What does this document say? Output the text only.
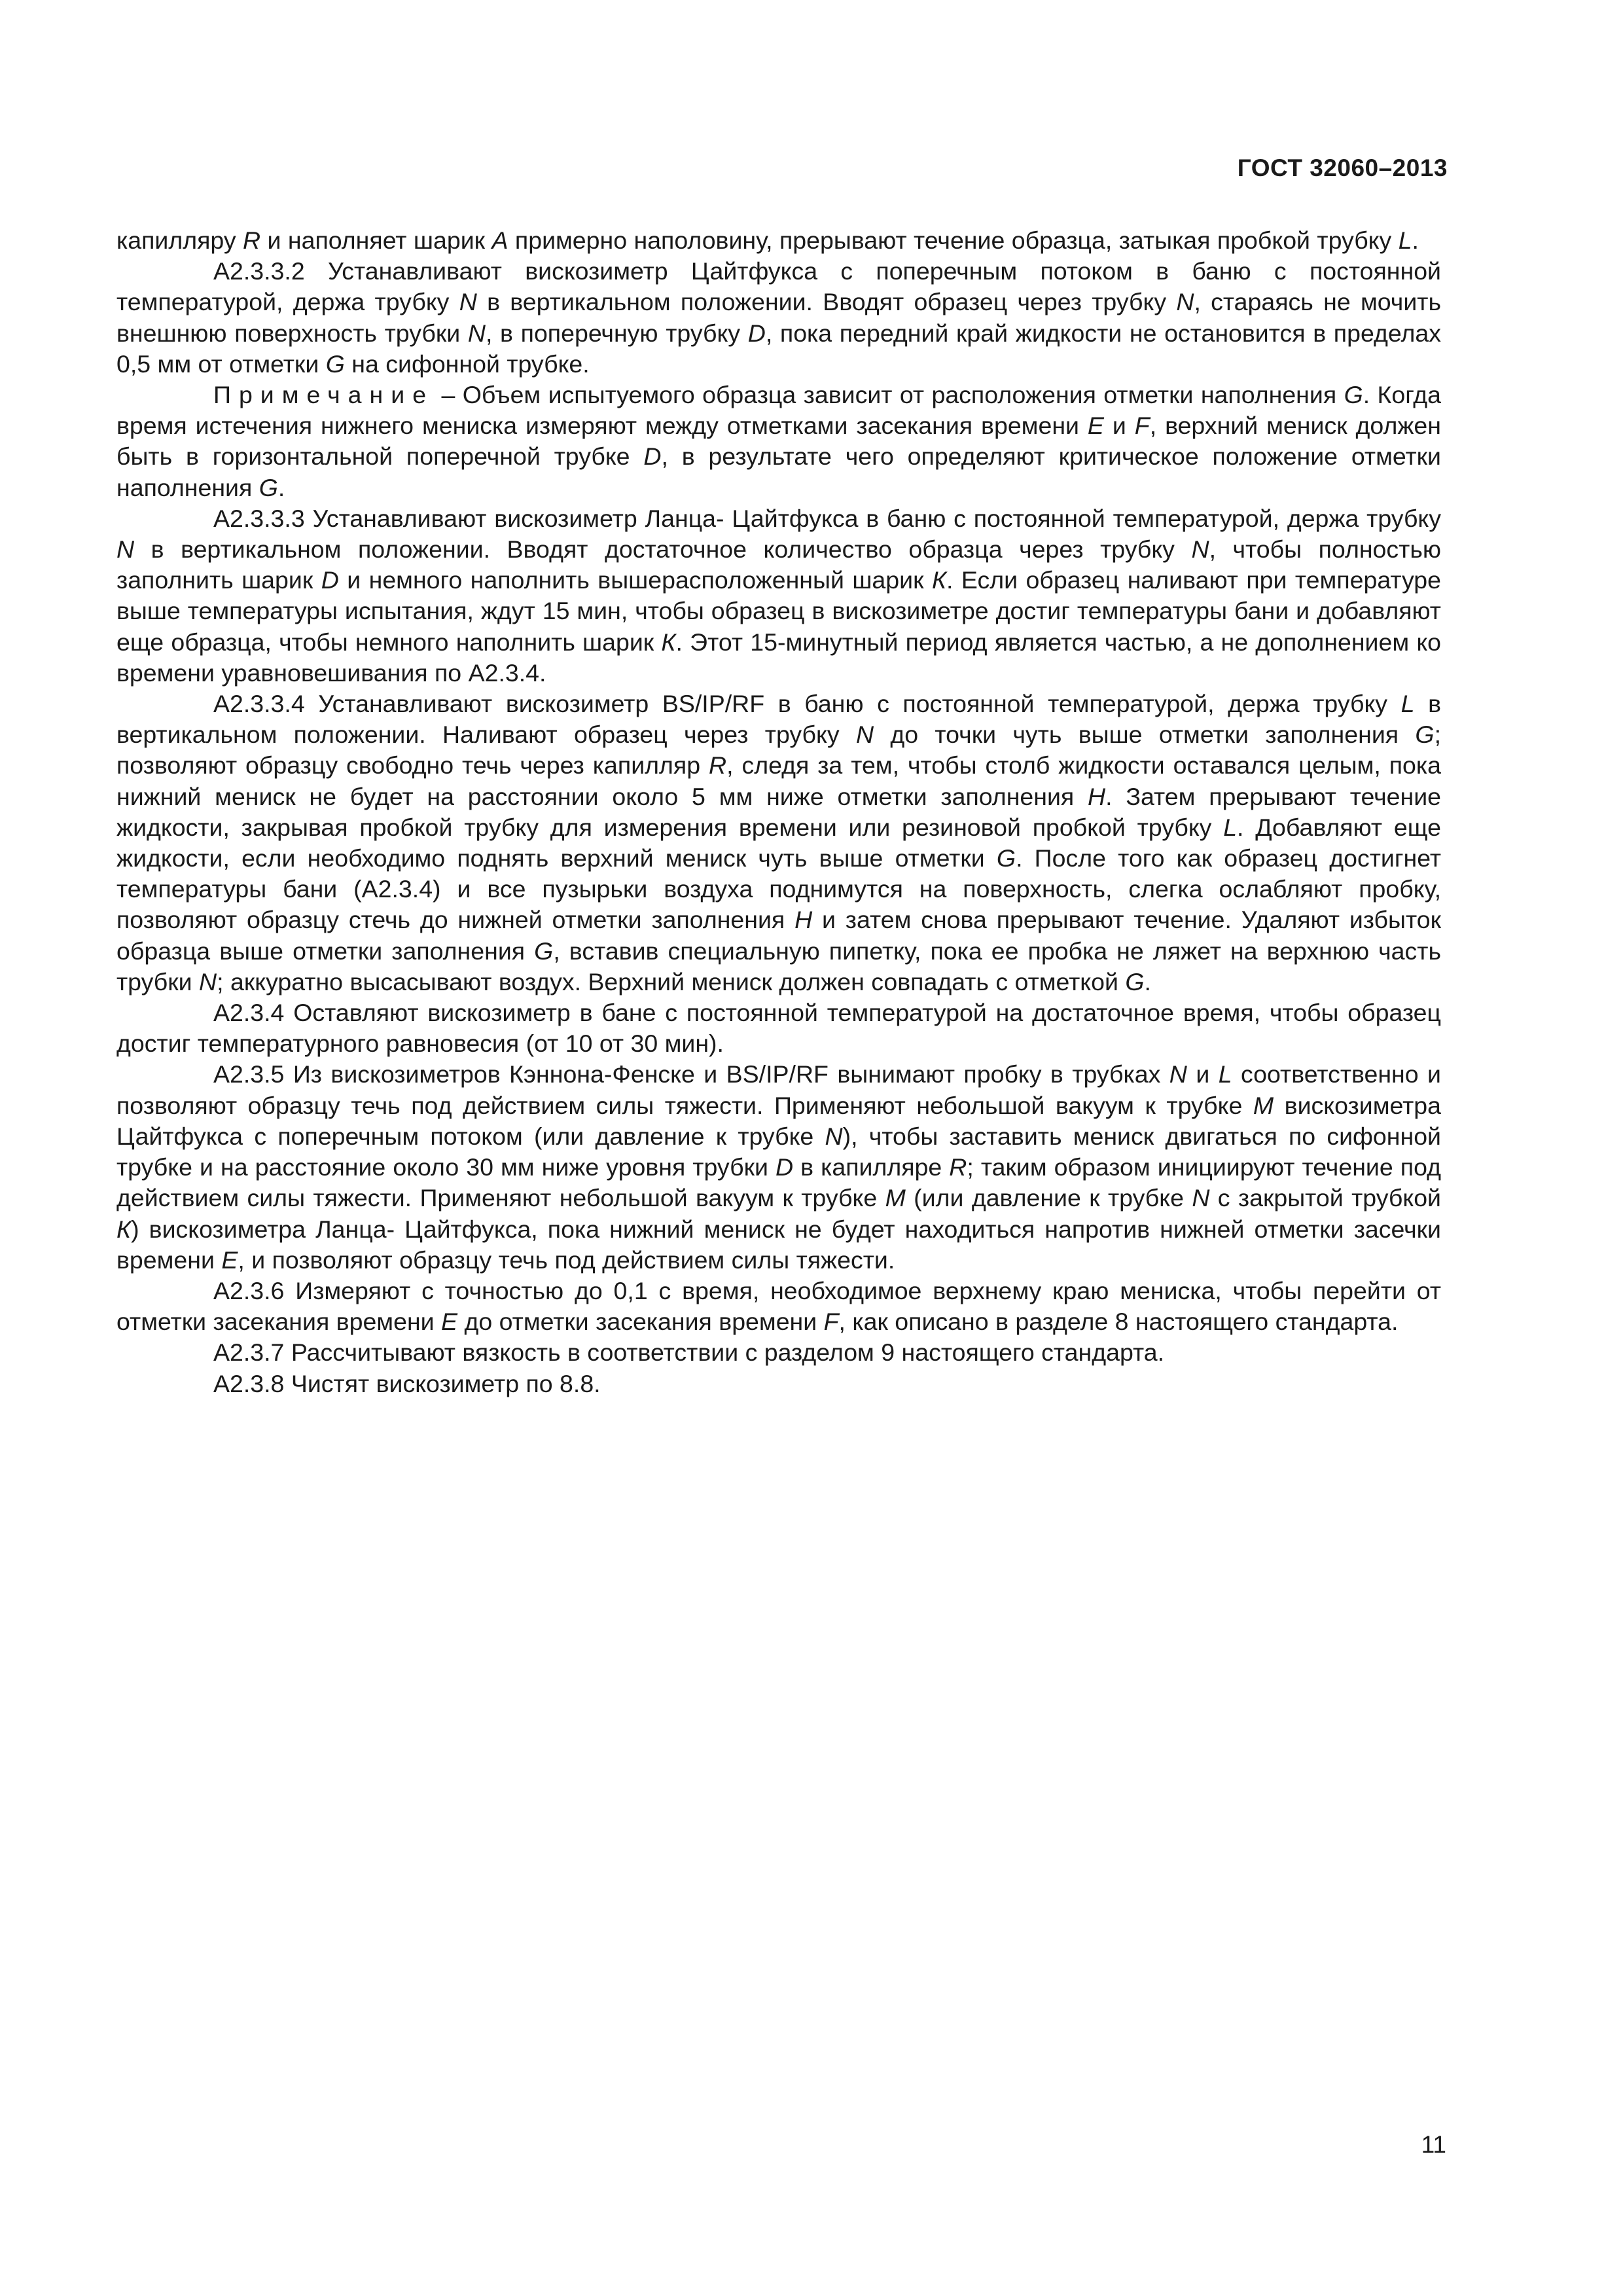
ГОСТ 32060–2013

капилляру R и наполняет шарик А примерно наполовину, прерывают течение образца, затыкая пробкой трубку L.

А2.3.3.2 Устанавливают вискозиметр Цайтфукса с поперечным потоком в баню с постоянной температурой, держа трубку N в вертикальном положении. Вводят образец через трубку N, стараясь не мочить внешнюю поверхность трубки N, в поперечную трубку D, пока передний край жидкости не остановится в пределах 0,5 мм от отметки G на сифонной трубке.

Примечание – Объем испытуемого образца зависит от расположения отметки наполнения G. Когда время истечения нижнего мениска измеряют между отметками засекания времени Е и F, верхний мениск должен быть в горизонтальной поперечной трубке D, в результате чего определяют критическое положение отметки наполнения G.

А2.3.3.3 Устанавливают вискозиметр Ланца- Цайтфукса в баню с постоянной температурой, держа трубку N в вертикальном положении. Вводят достаточное количество образца через трубку N, чтобы полностью заполнить шарик D и немного наполнить вышерасположенный шарик К. Если образец наливают при температуре выше температуры испытания, ждут 15 мин, чтобы образец в вискозиметре достиг температуры бани и добавляют еще образца, чтобы немного наполнить шарик К. Этот 15-минутный период является частью, а не дополнением ко времени уравновешивания по А2.3.4.

А2.3.3.4 Устанавливают вискозиметр BS/IP/RF в баню с постоянной температурой, держа трубку L в вертикальном положении. Наливают образец через трубку N до точки чуть выше отметки заполнения G; позволяют образцу свободно течь через капилляр R, следя за тем, чтобы столб жидкости оставался целым, пока нижний мениск не будет на расстоянии около 5 мм ниже отметки заполнения Н. Затем прерывают течение жидкости, закрывая пробкой трубку для измерения времени или резиновой пробкой трубку L. Добавляют еще жидкости, если необходимо поднять верхний мениск чуть выше отметки G. После того как образец достигнет температуры бани (А2.3.4) и все пузырьки воздуха поднимутся на поверхность, слегка ослабляют пробку, позволяют образцу стечь до нижней отметки заполнения Н и затем снова прерывают течение. Удаляют избыток образца выше отметки заполнения G, вставив специальную пипетку, пока ее пробка не ляжет на верхнюю часть трубки N; аккуратно высасывают воздух. Верхний мениск должен совпадать с отметкой G.

А2.3.4 Оставляют вискозиметр в бане с постоянной температурой на достаточное время, чтобы образец достиг температурного равновесия (от 10 от 30 мин).

А2.3.5 Из вискозиметров Кэннона-Фенске и BS/IP/RF вынимают пробку в трубках N и L соответственно и позволяют образцу течь под действием силы тяжести. Применяют небольшой вакуум к трубке М вискозиметра Цайтфукса с поперечным потоком (или давление к трубке N), чтобы заставить мениск двигаться по сифонной трубке и на расстояние около 30 мм ниже уровня трубки D в капилляре R; таким образом инициируют течение под действием силы тяжести. Применяют небольшой вакуум к трубке М (или давление к трубке N с закрытой трубкой К) вискозиметра Ланца- Цайтфукса, пока нижний мениск не будет находиться напротив нижней отметки засечки времени Е, и позволяют образцу течь под действием силы тяжести.

А2.3.6 Измеряют с точностью до 0,1 с время, необходимое верхнему краю мениска, чтобы перейти от отметки засекания времени Е до отметки засекания времени F, как описано в разделе 8 настоящего стандарта.

А2.3.7 Рассчитывают вязкость в соответствии с разделом 9 настоящего стандарта.

А2.3.8 Чистят вискозиметр по 8.8.

11
